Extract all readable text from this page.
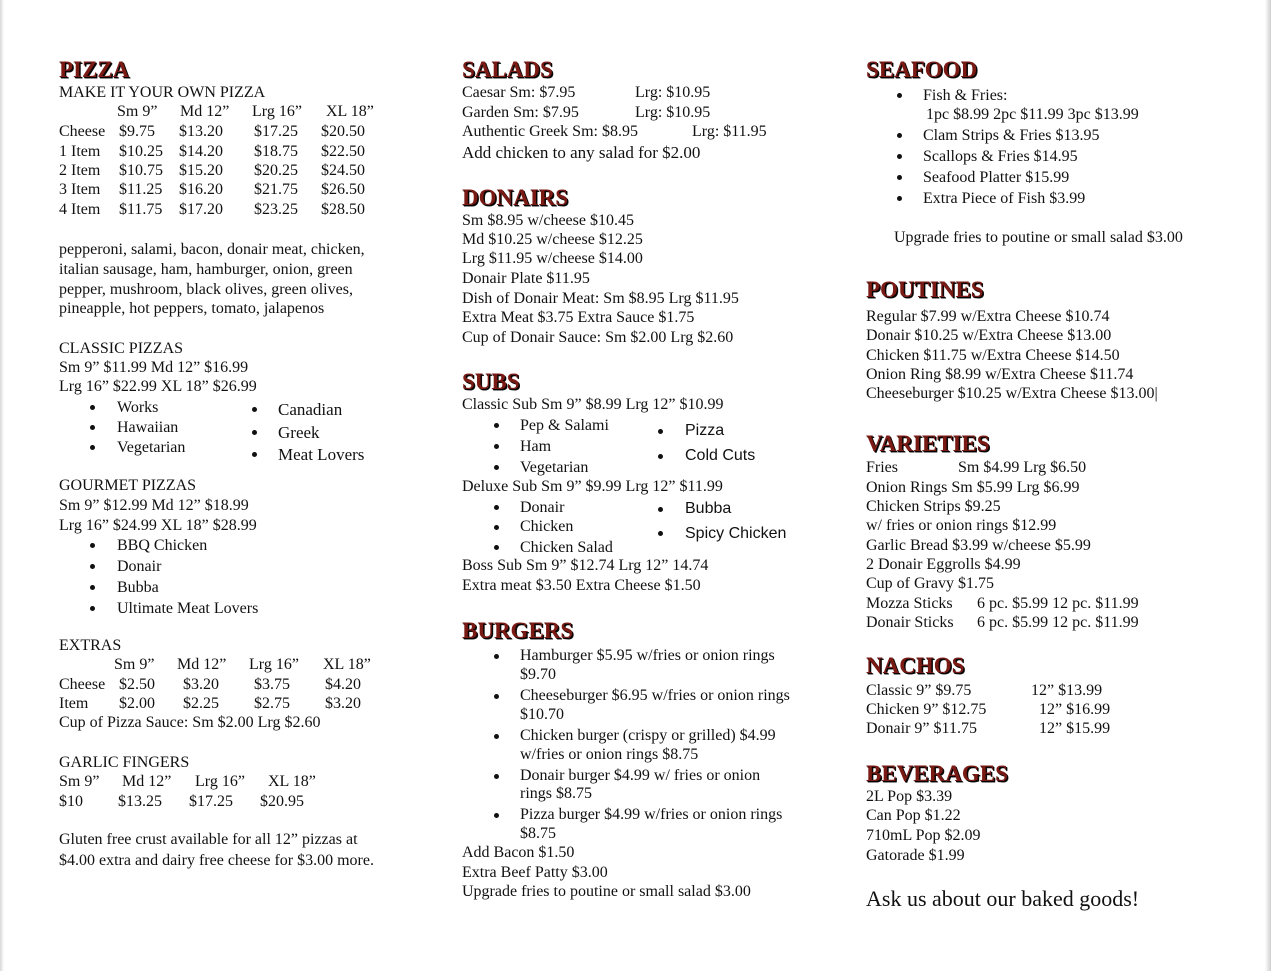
PIZZA
MAKE IT YOUR OWN PIZZA
Sm 9” Md 12” Lrg 16” XL 18”
Cheese $9.75 $13.20 $17.25 $20.50
1 Item $10.25 $14.20 $18.75 $22.50
2 Item $10.75 $15.20 $20.25 $24.50
3 Item $11.25 $16.20 $21.75 $26.50
4 Item $11.75 $17.20 $23.25 $28.50
pepperoni, salami, bacon, donair meat, chicken,
italian sausage, ham, hamburger, onion, green
pepper, mushroom, black olives, green olives,
pineapple, hot peppers, tomato, jalapenos
CLASSIC PIZZAS
Sm 9” $11.99 Md 12” $16.99
Lrg 16” $22.99 XL 18” $26.99
Works
Hawaiian
Vegetarian
Canadian
Greek
Meat Lovers
GOURMET PIZZAS
Sm 9” $12.99 Md 12” $18.99
Lrg 16” $24.99 XL 18” $28.99
BBQ Chicken
Donair
Bubba
Ultimate Meat Lovers
EXTRAS
Sm 9” Md 12” Lrg 16” XL 18”
Cheese $2.50 $3.20 $3.75 $4.20
Item $2.00 $2.25 $2.75 $3.20
Cup of Pizza Sauce: Sm $2.00 Lrg $2.60
GARLIC FINGERS
Sm 9” Md 12” Lrg 16” XL 18”
$10 $13.25 $17.25 $20.95
Gluten free crust available for all 12” pizzas at
$4.00 extra and dairy free cheese for $3.00 more.
SALADS
Caesar Sm: $7.95	Lrg: $10.95
Garden Sm: $7.95	Lrg: $10.95
Authentic Greek Sm: $8.95	Lrg: $11.95
Add chicken to any salad for $2.00
DONAIRS
Sm $8.95 w/cheese $10.45
Md $10.25 w/cheese $12.25
Lrg $11.95 w/cheese $14.00
Donair Plate $11.95
Dish of Donair Meat: Sm $8.95 Lrg $11.95
Extra Meat $3.75 Extra Sauce $1.75
Cup of Donair Sauce: Sm $2.00 Lrg $2.60
SUBS
Classic Sub Sm 9” $8.99 Lrg 12” $10.99
Pep & Salami
Ham
Vegetarian
Pizza
Cold Cuts
Deluxe Sub Sm 9” $9.99 Lrg 12” $11.99
Donair
Chicken
Chicken Salad
Bubba
Spicy Chicken
Boss Sub Sm 9” $12.74 Lrg 12” 14.74
Extra meat $3.50 Extra Cheese $1.50
BURGERS
Hamburger $5.95 w/fries or onion rings
$9.70
Cheeseburger $6.95 w/fries or onion rings
$10.70
Chicken burger (crispy or grilled) $4.99
w/fries or onion rings $8.75
Donair burger $4.99 w/ fries or onion
rings $8.75
Pizza burger $4.99 w/fries or onion rings
$8.75
Add Bacon $1.50
Extra Beef Patty $3.00
Upgrade fries to poutine or small salad $3.00
SEAFOOD
Fish & Fries:
1pc $8.99 2pc $11.99 3pc $13.99
Clam Strips & Fries $13.95
Scallops & Fries $14.95
Seafood Platter $15.99
Extra Piece of Fish $3.99
Upgrade fries to poutine or small salad $3.00
POUTINES
Regular $7.99 w/Extra Cheese $10.74
Donair $10.25 w/Extra Cheese $13.00
Chicken $11.75 w/Extra Cheese $14.50
Onion Ring $8.99 w/Extra Cheese $11.74
Cheeseburger $10.25 w/Extra Cheese $13.00|
VARIETIES
Fries	Sm $4.99 Lrg $6.50
Onion Rings Sm $5.99 Lrg $6.99
Chicken Strips $9.25
w/ fries or onion rings $12.99
Garlic Bread $3.99 w/cheese $5.99
2 Donair Eggrolls $4.99
Cup of Gravy $1.75
Mozza Sticks 6 pc. $5.99 12 pc. $11.99
Donair Sticks 6 pc. $5.99 12 pc. $11.99
NACHOS
Classic 9” $9.75	12” $13.99
Chicken 9” $12.75	12” $16.99
Donair 9” $11.75	12” $15.99
BEVERAGES
2L Pop $3.39
Can Pop $1.22
710mL Pop $2.09
Gatorade $1.99
Ask us about our baked goods!
